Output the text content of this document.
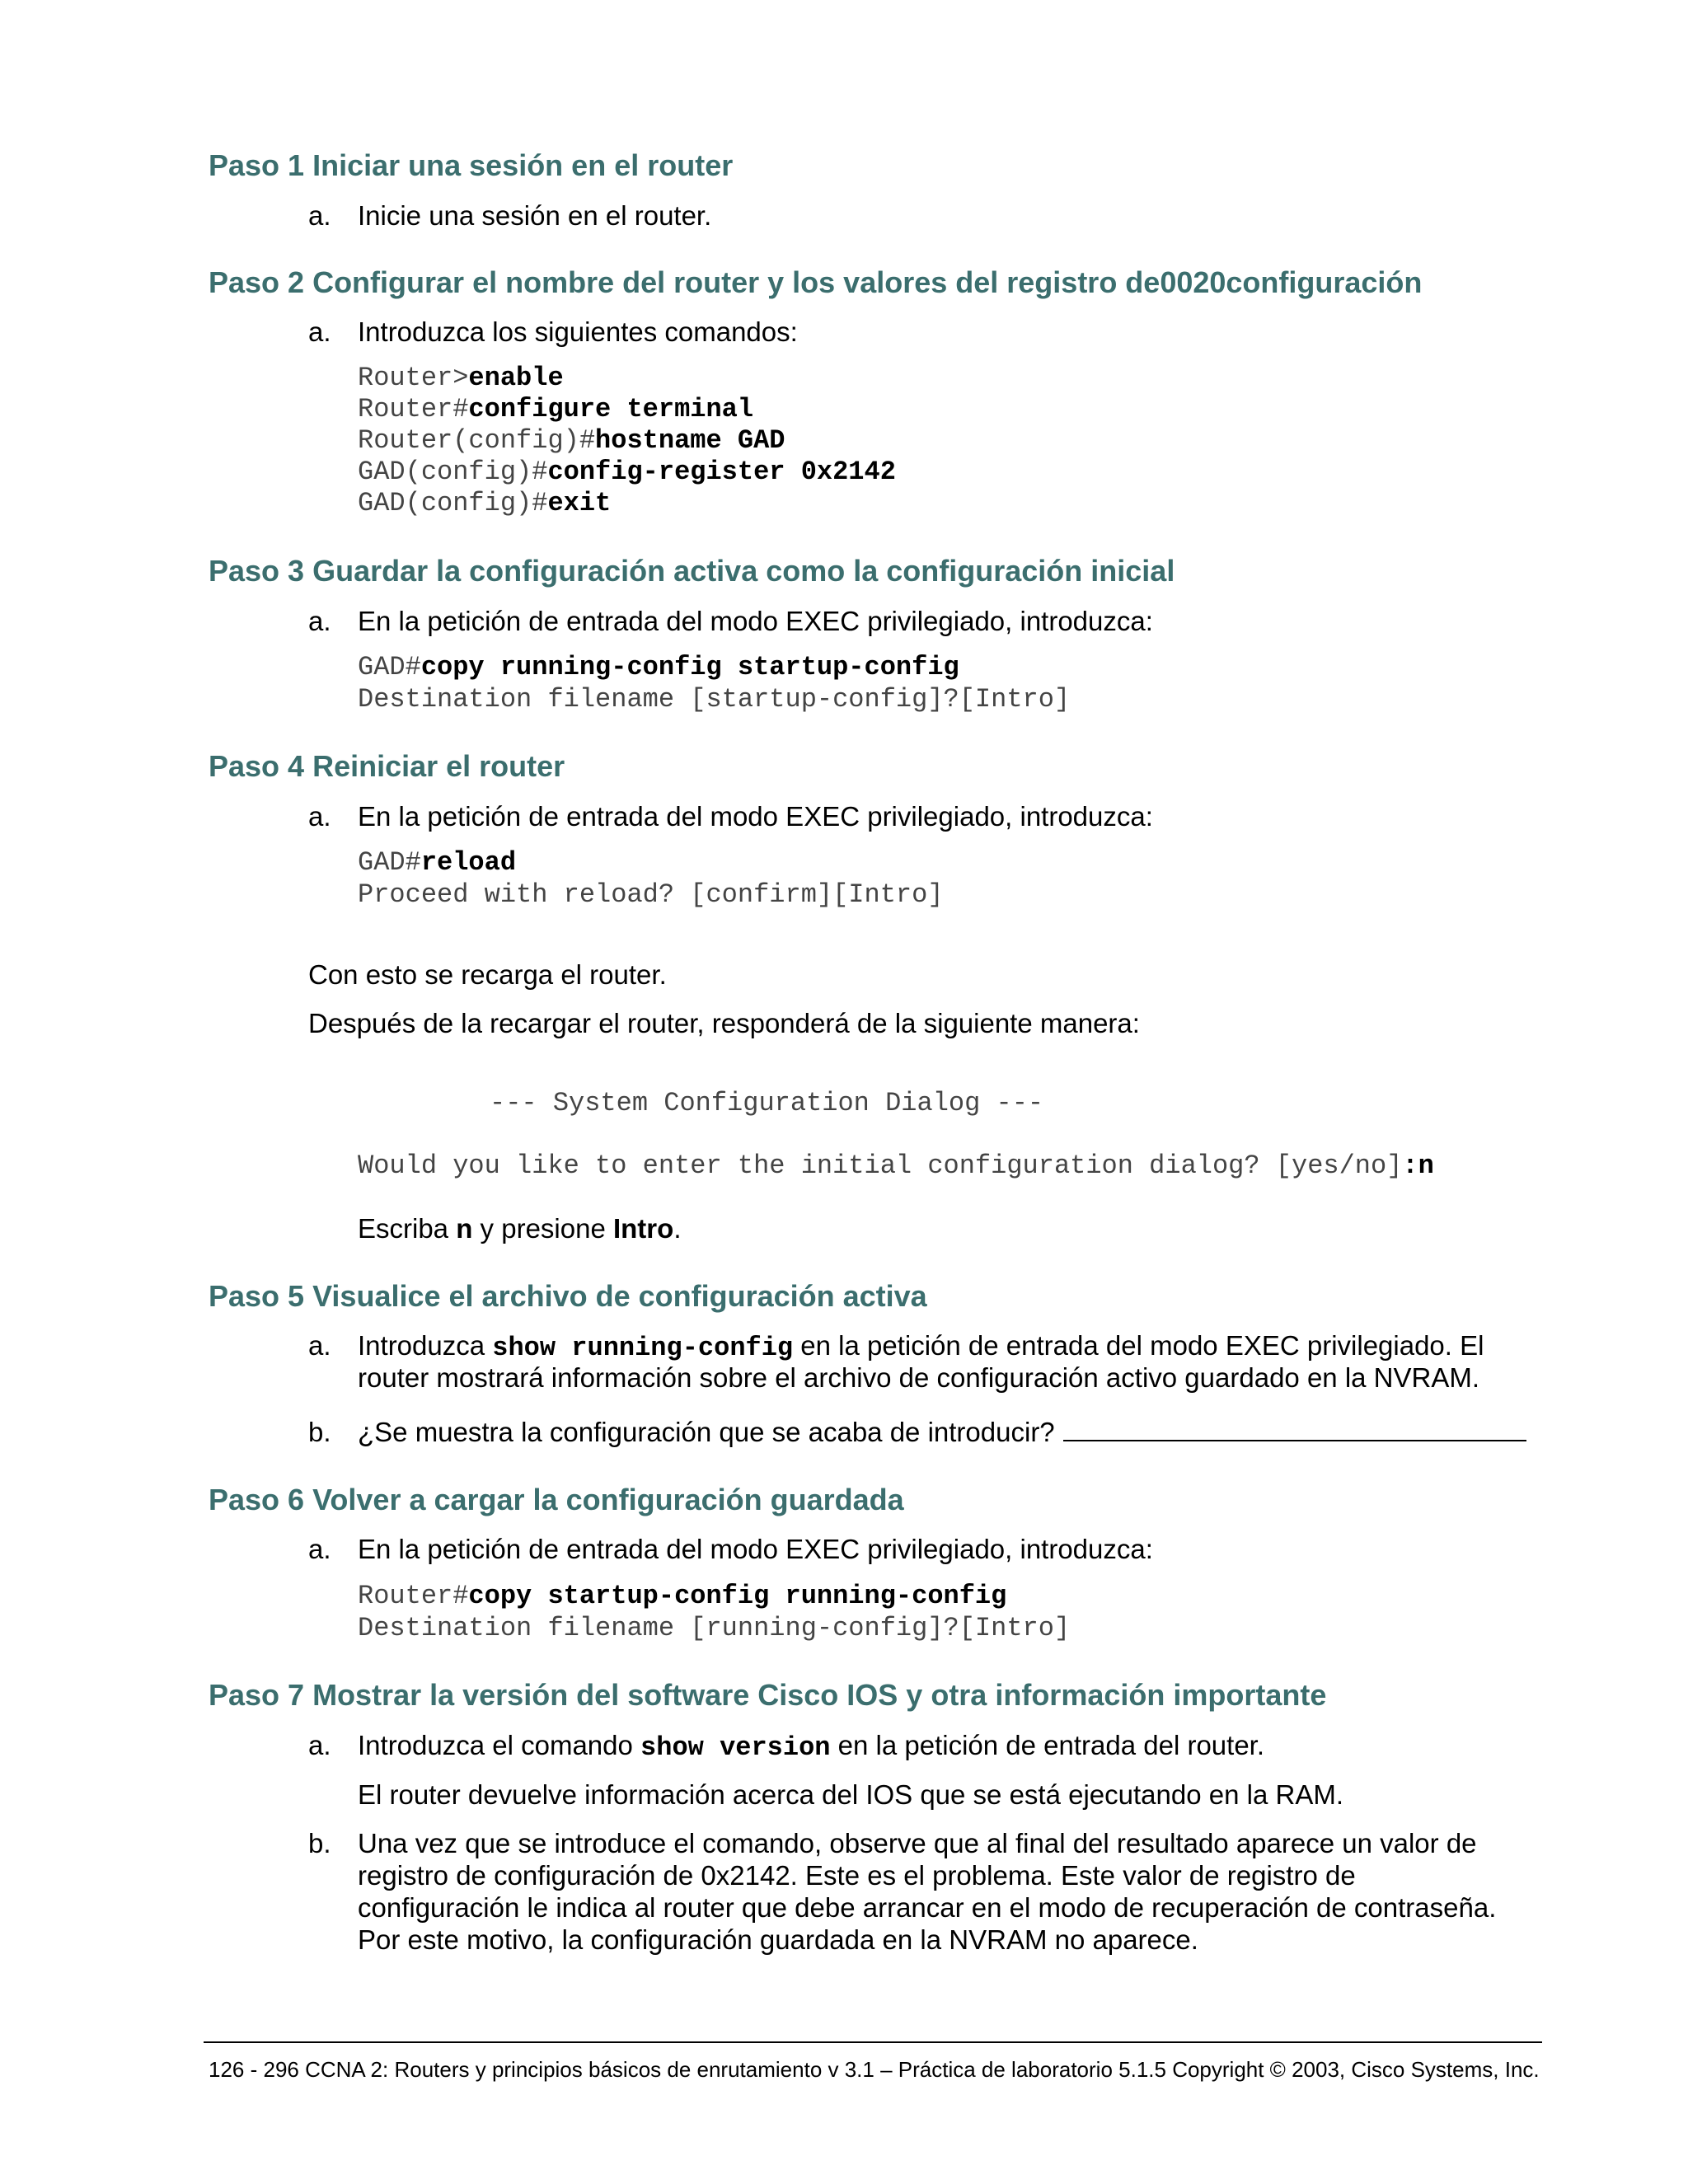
Paso 1 Iniciar una sesión en el router
a. Inicie una sesión en el router.
Paso 2 Configurar el nombre del router y los valores del registro de0020configuración
a. Introduzca los siguientes comandos:
Router>enable
Router#configure terminal
Router(config)#hostname GAD
GAD(config)#config-register 0x2142
GAD(config)#exit
Paso 3 Guardar la configuración activa como la configuración inicial
a. En la petición de entrada del modo EXEC privilegiado, introduzca:
GAD#copy running-config startup-config
Destination filename [startup-config]?[Intro]
Paso 4 Reiniciar el router
a. En la petición de entrada del modo EXEC privilegiado, introduzca:
GAD#reload
Proceed with reload? [confirm][Intro]
Con esto se recarga el router.
Después de la recargar el router, responderá de la siguiente manera:
--- System Configuration Dialog ---
Would you like to enter the initial configuration dialog? [yes/no]:n
Escriba n y presione Intro.
Paso 5 Visualice el archivo de configuración activa
a. Introduzca show running-config en la petición de entrada del modo EXEC privilegiado. El
router mostrará información sobre el archivo de configuración activo guardado en la NVRAM.
b. ¿Se muestra la configuración que se acaba de introducir?
Paso 6 Volver a cargar la configuración guardada
a. En la petición de entrada del modo EXEC privilegiado, introduzca:
Router#copy startup-config running-config
Destination filename [running-config]?[Intro]
Paso 7 Mostrar la versión del software Cisco IOS y otra información importante
a. Introduzca el comando show version en la petición de entrada del router.
El router devuelve información acerca del IOS que se está ejecutando en la RAM.
b. Una vez que se introduce el comando, observe que al final del resultado aparece un valor de
registro de configuración de 0x2142. Este es el problema. Este valor de registro de
configuración le indica al router que debe arrancar en el modo de recuperación de contraseña.
Por este motivo, la configuración guardada en la NVRAM no aparece.
126 - 296 CCNA 2: Routers y principios básicos de enrutamiento v 3.1 – Práctica de laboratorio 5.1.5 Copyright © 2003, Cisco Systems, Inc.
